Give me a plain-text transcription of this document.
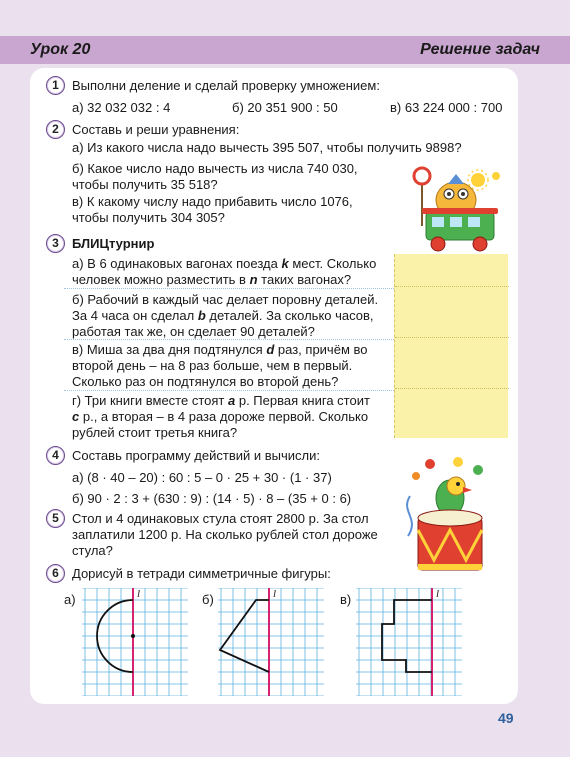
Урок 20	Решение задач
1	Выполни деление и сделай проверку умножением:
а) 32 032 032 : 4	б) 20 351 900 : 50	в) 63 224 000 : 700
2	Составь и реши уравнения:
а) Из какого числа надо вычесть 395 507, чтобы получить 9898?
б) Какое число надо вычесть из числа 740 030,
чтобы получить 35 518?
в) К какому числу надо прибавить число 1076,
чтобы получить 304 305?
3	БЛИЦтурнир
а) В 6 одинаковых вагонах поезда k мест. Сколько
человек можно разместить в n таких вагонах?
б) Рабочий в каждый час делает поровну деталей.
За 4 часа он сделал b деталей. За сколько часов,
работая так же, он сделает 90 деталей?
в) Миша за два дня подтянулся d раз, причём во
второй день – на 8 раз больше, чем в первый.
Сколько раз он подтянулся во второй день?
г) Три книги вместе стоят a р. Первая книга стоит
c р., а вторая – в 4 раза дороже первой. Сколько
рублей стоит третья книга?
4	Составь программу действий и вычисли:
а) (8 · 40 – 20) : 60 : 5 – 0 · 25 + 30 · (1 · 37)
б) 90 · 2 : 3 + (630 : 9) : (14 · 5) · 8 – (35 + 0 : 6)
5	Стол и 4 одинаковых стула стоят 2800 р. За стол
заплатили 1200 р. На сколько рублей стол дороже
стула?
6	Дорисуй в тетради симметричные фигуры:
а)	б)	в)
l	l	l
49
